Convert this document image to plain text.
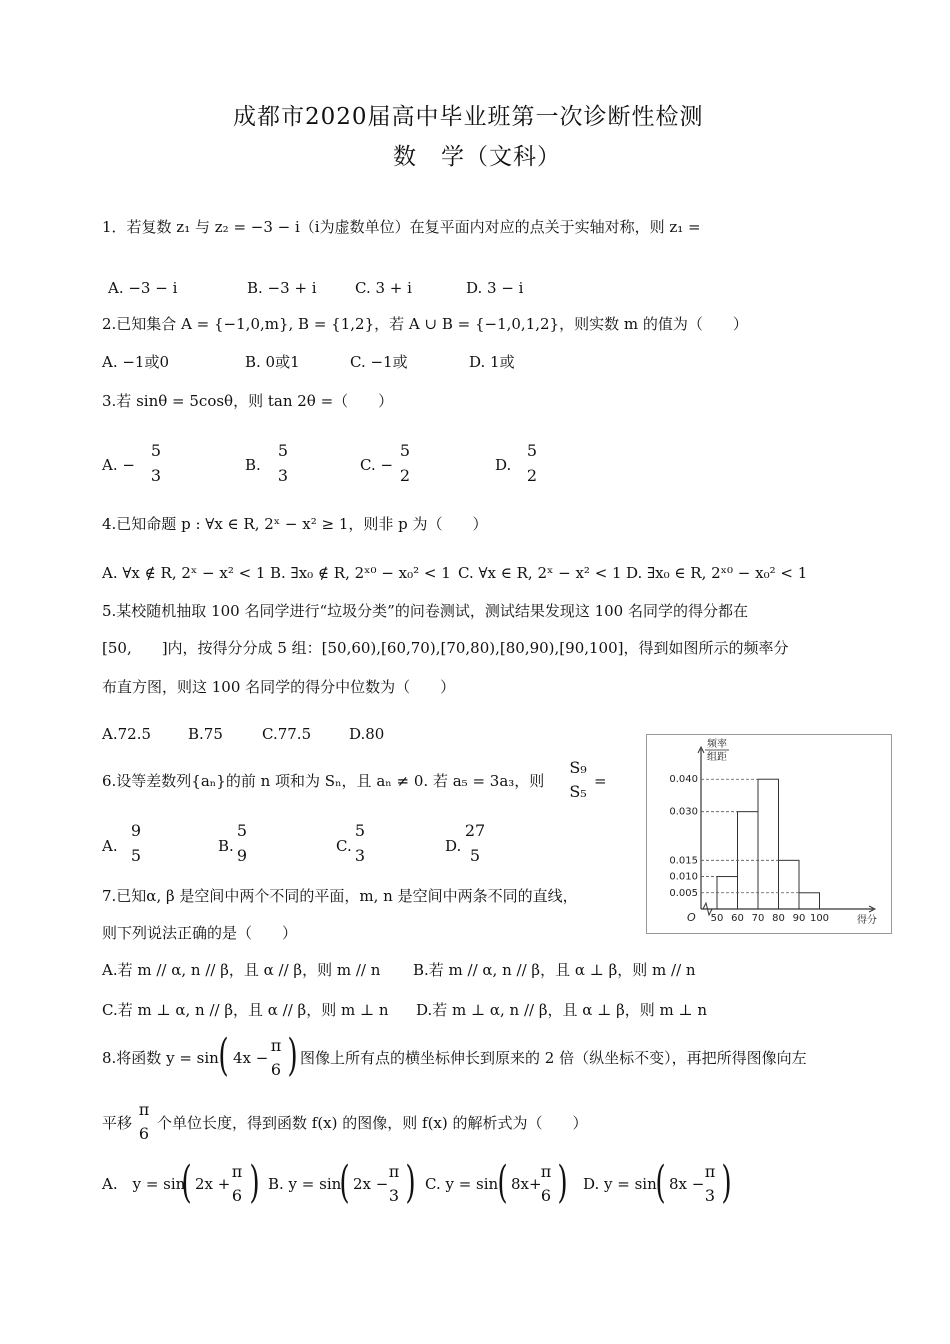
成都市2020届高中毕业班第一次诊断性检测
数　学（文科）
1．若复数 z₁ 与 z₂ = −3 − i（i为虚数单位）在复平面内对应的点关于实轴对称，则 z₁ =
A. −3 − i	B. −3 + i	C. 3 + i	D. 3 − i
2.已知集合 A = {−1,0,m}, B = {1,2}，若 A ∪ B = {−1,0,1,2}，则实数 m 的值为（　　）
A. −1或0	B. 0或1	C. −1或	D. 1或
3.若 sinθ = 5cosθ，则 tan 2θ =（　　）
A. −
5
3
B.
5
3
C. −
5
2
D.
5
2
4.已知命题 p : ∀x ∈ R, 2ˣ − x² ≥ 1，则非 p 为（　　）
A. ∀x ∉ R, 2ˣ − x² < 1 B. ∃x₀ ∉ R, 2ˣ⁰ − x₀² < 1 C. ∀x ∈ R, 2ˣ − x² < 1 D. ∃x₀ ∈ R, 2ˣ⁰ − x₀² < 1
5.某校随机抽取 100 名同学进行“垃圾分类”的问卷测试，测试结果发现这 100 名同学的得分都在
[50,　　]内，按得分分成 5 组：[50,60),[60,70),[70,80),[80,90),[90,100]，得到如图所示的频率分
布直方图，则这 100 名同学的得分中位数为（　　）
A.72.5 B.75	C.77.5	D.80
0.040
0.030
0.015
0.010
0.005
50 60 70 80 90 100
O
频率
组距
得分
6.设等差数列{aₙ}的前 n 项和为 Sₙ，且 aₙ ≠ 0. 若 a₅ = 3a₃，则
S₉
S₅
=
A.
9
5	B.
5
9	C.
5
3	D.
27
5
7.已知α, β 是空间中两个不同的平面，m, n 是空间中两条不同的直线，
则下列说法正确的是（　　）
A.若 m // α, n // β，且 α // β，则 m // n B.若 m // α, n // β，且 α ⊥ β，则 m // n
C.若 m ⊥ α, n // β，且 α // β，则 m ⊥ n D.若 m ⊥ α, n // β，且 α ⊥ β，则 m ⊥ n
8.将函数 y = sin ( 4x −
π
6 ) 图像上所有点的横坐标伸长到原来的 2 倍（纵坐标不变），再把所得图像向左
平移
π
6
个单位长度，得到函数 f(x) 的图像，则 f(x) 的解析式为（　　）
A.　y = sin
( 2x +
π
6 ) B. y = sin
( 2x −
π
3 ) C. y = sin ( 8x+
π
6 ) D. y = sin
( 8x −
π
3 )
